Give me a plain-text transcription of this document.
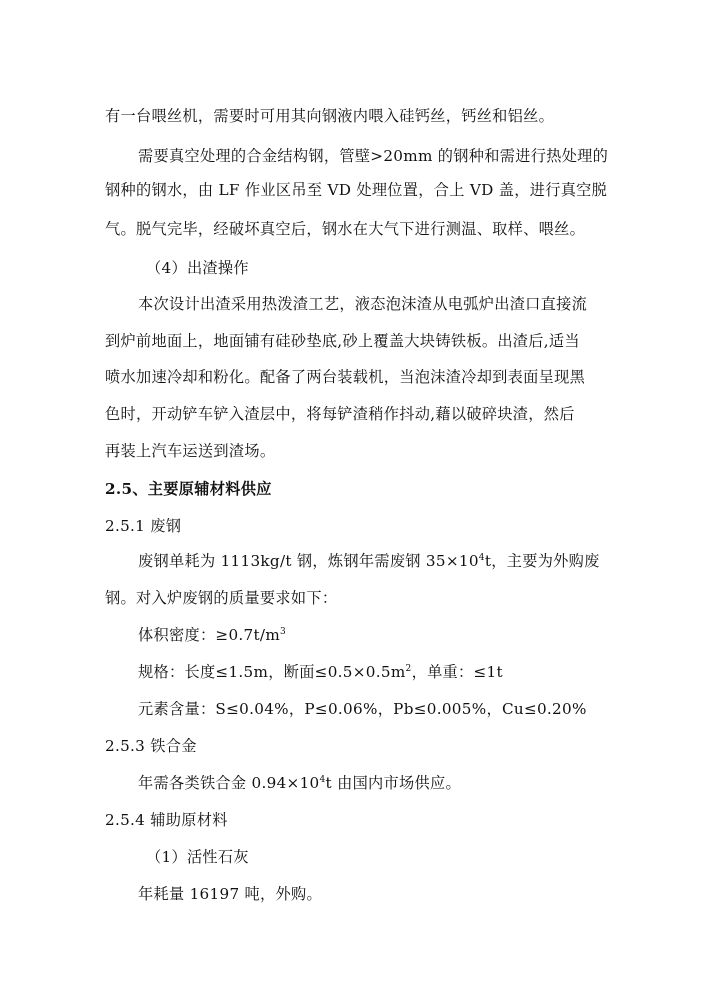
有一台喂丝机，需要时可用其向钢液内喂入硅钙丝，钙丝和铝丝。
需要真空处理的合金结构钢，管壁>20mm 的钢种和需进行热处理的
钢种的钢水，由 LF 作业区吊至 VD 处理位置，合上 VD 盖，进行真空脱
气。脱气完毕，经破坏真空后，钢水在大气下进行测温、取样、喂丝。
（4）出渣操作
本次设计出渣采用热泼渣工艺，液态泡沫渣从电弧炉出渣口直接流
到炉前地面上，地面铺有硅砂垫底,砂上覆盖大块铸铁板。出渣后,适当
喷水加速冷却和粉化。配备了两台装载机，当泡沫渣冷却到表面呈现黑
色时，开动铲车铲入渣层中，将每铲渣稍作抖动,藉以破碎块渣，然后
再装上汽车运送到渣场。
2.5、主要原辅材料供应
2.5.1 废钢
废钢单耗为 1113kg/t 钢，炼钢年需废钢 $35\times 10^4t$，主要为外购废
钢。对入炉废钢的质量要求如下：
体积密度：$\ge 0.7t/m^3$
规格：长度≤1.5m，断面$\le 0.5\times 0.5m^2$，单重：≤1t
元素含量：S≤0.04%，P≤0.06%，Pb≤0.005%，Cu≤0.20%
2.5.3 铁合金
年需各类铁合金 $0.94\times 10^4t$ 由国内市场供应。
2.5.4 辅助原材料
（1）活性石灰
年耗量 16197 吨，外购。
